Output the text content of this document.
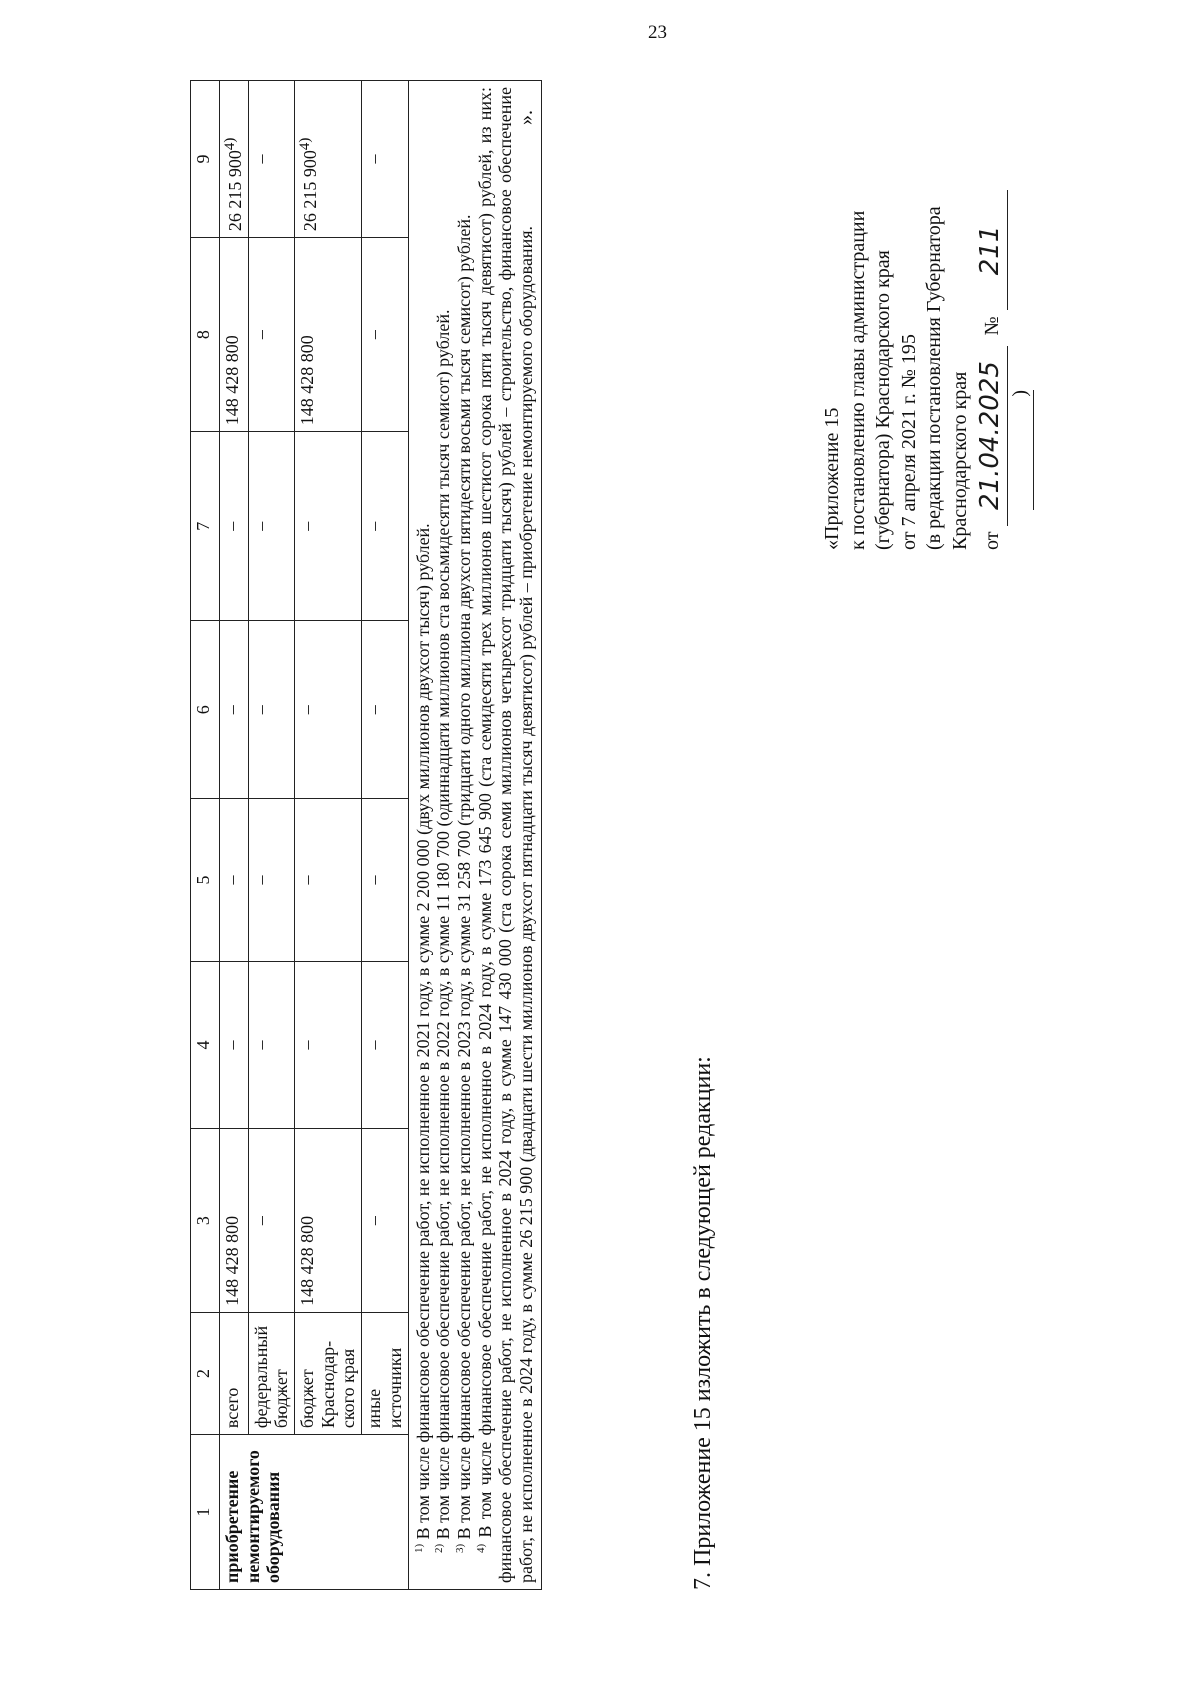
23
1	2	3	4	5	6	7	8	9
приобретение немонтируемого оборудования	всего	148 428 800	–	–	–	–	148 428 800	26 215 900$^{4)}$
	федеральный бюджет	–	–	–	–	–	–	–
	бюджет Краснодар-ского края	148 428 800	–	–	–	–	148 428 800	26 215 900$^{4)}$
	иные источники	–	–	–	–	–	–	–

$^{1)}$ В том числе финансовое обеспечение работ, не исполненное в 2021 году, в сумме 2 200 000 (двух миллионов двухсот тысяч) рублей.

$^{2)}$ В том числе финансовое обеспечение работ, не исполненное в 2022 году, в сумме 11 180 700 (одиннадцати миллионов ста восьмидесяти тысяч семисот) рублей.

$^{3)}$ В том числе финансовое обеспечение работ, не исполненное в 2023 году, в сумме 31 258 700 (тридцати одного миллиона двухсот пятидесяти восьми тысяч семисот) рублей.

$^{4)}$ В том числе финансовое обеспечение работ, не исполненное в 2024 году, в сумме 173 645 900 (ста семидесяти трех миллионов шестисот сорока пяти тысяч девятисот) рублей, из них: финансовое обеспечение работ, не исполненное в 2024 году, в сумме 147 430 000 (ста сорока семи миллионов четырехсот тридцати тысяч) рублей – строительство, финансовое обеспечение работ, не исполненное в 2024 году, в сумме 26 215 900 (двадцати шести миллионов двухсот пятнадцати тысяч девятисот) рублей – приобретение немонтируемого оборудования.								

».
7. Приложение 15 изложить в следующей редакции:
«Приложение 15 к постановлению главы администрации (губернатора) Краснодарского края от 7 апреля 2021 г. № 195 (в редакции постановления Губернатора Краснодарского края от21.04.2025№211
)
